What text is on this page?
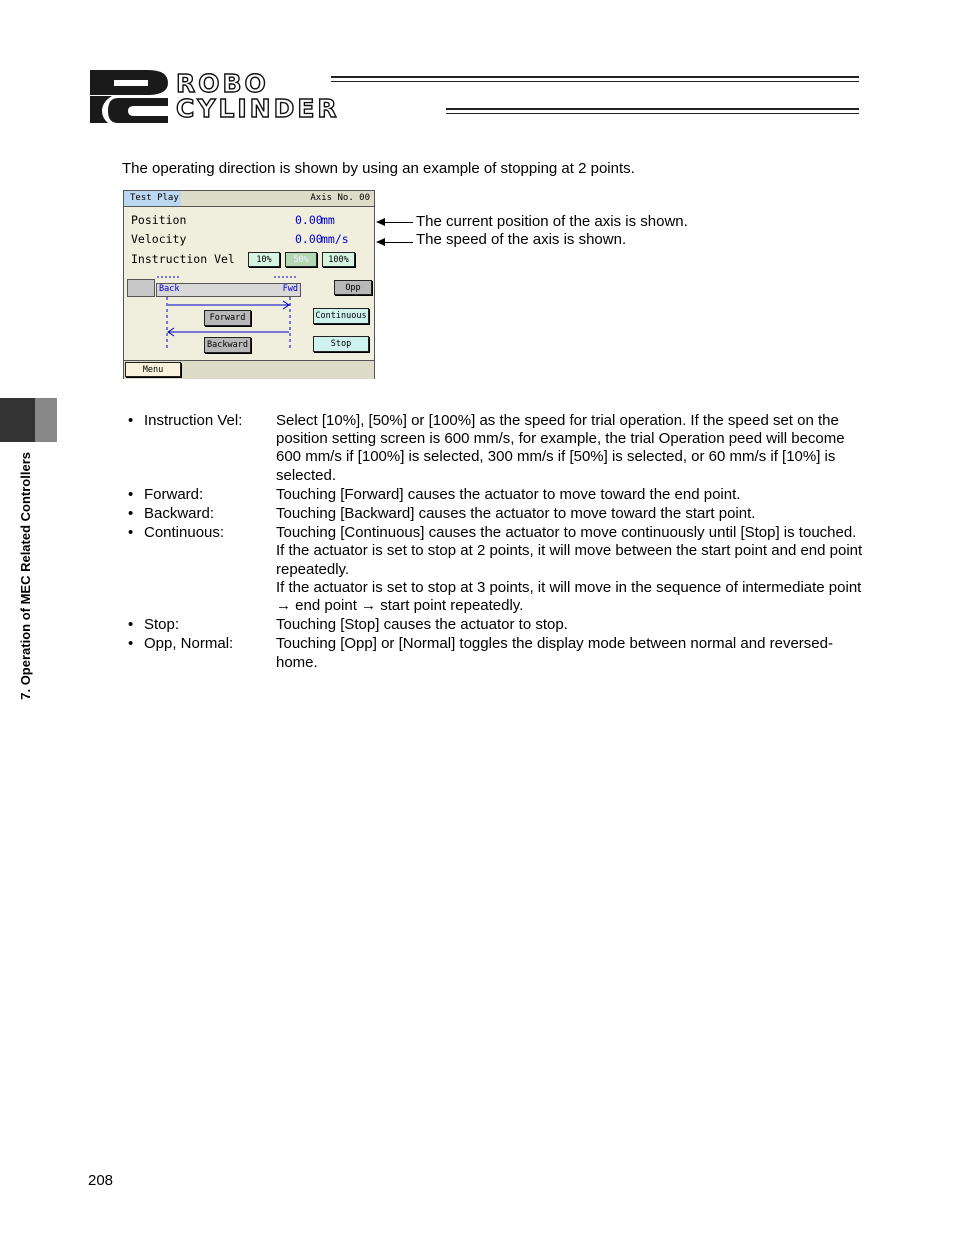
ROBO
CYLINDER
7. Operation of MEC Related Controllers
The operating direction is shown by using an example of stopping at 2 points.
Test Play	Axis No. 00
Position	0.00
mm
Velocity	0.00
mm/s
Instruction Vel	10%	50%	100%
Back	Fwd	Opp
Forward
Backward
Continuous
Stop
Menu
The current position of the axis is shown.
The speed of the axis is shown.
• Instruction Vel:	Select [10%], [50%] or [100%] as the speed for trial operation. If the speed set on the position setting screen is 600 mm/s, for example, the trial Operation peed will become 600 mm/s if [100%] is selected, 300 mm/s if [50%] is selected, or 60 mm/s if [10%] is selected.

• Forward:	Touching [Forward] causes the actuator to move toward the end point.

• Backward:	Touching [Backward] causes the actuator to move toward the start point.

• Continuous:	Touching [Continuous] causes the actuator to move continuously until [Stop] is touched.

If the actuator is set to stop at 2 points, it will move between the start point and end point repeatedly.

If the actuator is set to stop at 3 points, it will move in the sequence of intermediate point → end point → start point repeatedly.

• Stop:	Touching [Stop] causes the actuator to stop.

• Opp, Normal:	Touching [Opp] or [Normal] toggles the display mode between normal and reversed-home.

208
